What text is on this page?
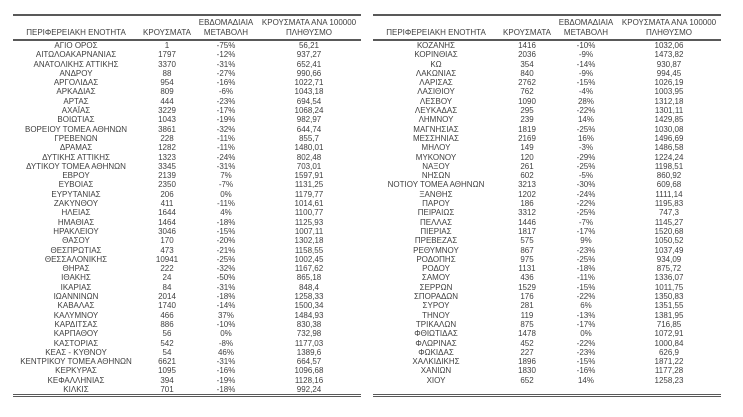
ΠΕΡΙΦΕΡΕΙΑΚΗ ΕΝΟΤΗΤΑ	ΚΡΟΥΣΜΑΤΑ	ΕΒΔΟΜΑΔΙΑΙΑ ΜΕΤΑΒΟΛΗ	ΚΡΟΥΣΜΑΤΑ ΑΝΑ 100000 ΠΛΗΘΥΣΜΟ
ΑΓΙΟ ΟΡΟΣ	1	-75%	56,21
ΑΙΤΩΛΟΑΚΑΡΝΑΝΙΑΣ	1797	-12%	937,27
ΑΝΑΤΟΛΙΚΗΣ ΑΤΤΙΚΗΣ	3370	-31%	652,41
ΑΝΔΡΟΥ	88	-27%	990,66
ΑΡΓΟΛΙΔΑΣ	954	-16%	1022,71
ΑΡΚΑΔΙΑΣ	809	-6%	1043,18
ΑΡΤΑΣ	444	-23%	694,54
ΑΧΑΪΑΣ	3229	-17%	1068,24
ΒΟΙΩΤΙΑΣ	1043	-19%	982,97
ΒΟΡΕΙΟΥ ΤΟΜΕΑ ΑΘΗΝΩΝ	3861	-32%	644,74
ΓΡΕΒΕΝΩΝ	228	-11%	855,7
ΔΡΑΜΑΣ	1282	-11%	1480,01
ΔΥΤΙΚΗΣ ΑΤΤΙΚΗΣ	1323	-24%	802,48
ΔΥΤΙΚΟΥ ΤΟΜΕΑ ΑΘΗΝΩΝ	3345	-31%	703,01
ΕΒΡΟΥ	2139	7%	1597,91
ΕΥΒΟΙΑΣ	2350	-7%	1131,25
ΕΥΡΥΤΑΝΙΑΣ	206	0%	1179,77
ΖΑΚΥΝΘΟΥ	411	-11%	1014,61
ΗΛΕΙΑΣ	1644	4%	1100,77
ΗΜΑΘΙΑΣ	1464	-18%	1125,93
ΗΡΑΚΛΕΙΟΥ	3046	-15%	1007,11
ΘΑΣΟΥ	170	-20%	1302,18
ΘΕΣΠΡΩΤΙΑΣ	473	-21%	1158,55
ΘΕΣΣΑΛΟΝΙΚΗΣ	10941	-25%	1002,45
ΘΗΡΑΣ	222	-32%	1167,62
ΙΘΑΚΗΣ	24	-50%	865,18
ΙΚΑΡΙΑΣ	84	-31%	848,4
ΙΩΑΝΝΙΝΩΝ	2014	-18%	1258,33
ΚΑΒΑΛΑΣ	1740	-14%	1500,34
ΚΑΛΥΜΝΟΥ	466	37%	1484,93
ΚΑΡΔΙΤΣΑΣ	886	-10%	830,38
ΚΑΡΠΑΘΟΥ	56	0%	732,98
ΚΑΣΤΟΡΙΑΣ	542	-8%	1177,03
ΚΕΑΣ - ΚΥΘΝΟΥ	54	46%	1389,6
ΚΕΝΤΡΙΚΟΥ ΤΟΜΕΑ ΑΘΗΝΩΝ	6621	-31%	664,57
ΚΕΡΚΥΡΑΣ	1095	-16%	1096,68
ΚΕΦΑΛΛΗΝΙΑΣ	394	-19%	1128,16
ΚΙΛΚΙΣ	701	-18%	992,24
ΠΕΡΙΦΕΡΕΙΑΚΗ ΕΝΟΤΗΤΑ	ΚΡΟΥΣΜΑΤΑ	ΕΒΔΟΜΑΔΙΑΙΑ ΜΕΤΑΒΟΛΗ	ΚΡΟΥΣΜΑΤΑ ΑΝΑ 100000 ΠΛΗΘΥΣΜΟ
ΚΟΖΑΝΗΣ	1416	-10%	1032,06
ΚΟΡΙΝΘΙΑΣ	2036	-9%	1473,82
ΚΩ	354	-14%	930,87
ΛΑΚΩΝΙΑΣ	840	-9%	994,45
ΛΑΡΙΣΑΣ	2762	-15%	1026,19
ΛΑΣΙΘΙΟΥ	762	-4%	1003,95
ΛΕΣΒΟΥ	1090	28%	1312,18
ΛΕΥΚΑΔΑΣ	295	-22%	1301,11
ΛΗΜΝΟΥ	239	14%	1429,85
ΜΑΓΝΗΣΙΑΣ	1819	-25%	1030,08
ΜΕΣΣΗΝΙΑΣ	2169	16%	1496,69
ΜΗΛΟΥ	149	-3%	1486,58
ΜΥΚΟΝΟΥ	120	-29%	1224,24
ΝΑΞΟΥ	261	-25%	1198,51
ΝΗΣΩΝ	602	-5%	860,92
ΝΟΤΙΟΥ ΤΟΜΕΑ ΑΘΗΝΩΝ	3213	-30%	609,68
ΞΑΝΘΗΣ	1202	-24%	1111,14
ΠΑΡΟΥ	186	-22%	1195,83
ΠΕΙΡΑΙΩΣ	3312	-25%	747,3
ΠΕΛΛΑΣ	1446	-7%	1145,27
ΠΙΕΡΙΑΣ	1817	-17%	1520,68
ΠΡΕΒΕΖΑΣ	575	9%	1050,52
ΡΕΘΥΜΝΟΥ	867	-23%	1037,49
ΡΟΔΟΠΗΣ	975	-25%	934,09
ΡΟΔΟΥ	1131	-18%	875,72
ΣΑΜΟΥ	436	-11%	1336,07
ΣΕΡΡΩΝ	1529	-15%	1011,75
ΣΠΟΡΑΔΩΝ	176	-22%	1350,83
ΣΥΡΟΥ	281	6%	1351,55
ΤΗΝΟΥ	119	-13%	1381,95
ΤΡΙΚΑΛΩΝ	875	-17%	716,85
ΦΘΙΩΤΙΔΑΣ	1478	0%	1072,91
ΦΛΩΡΙΝΑΣ	452	-22%	1000,84
ΦΩΚΙΔΑΣ	227	-23%	626,9
ΧΑΛΚΙΔΙΚΗΣ	1896	-15%	1871,22
ΧΑΝΙΩΝ	1830	-16%	1177,28
ΧΙΟΥ	652	14%	1258,23
